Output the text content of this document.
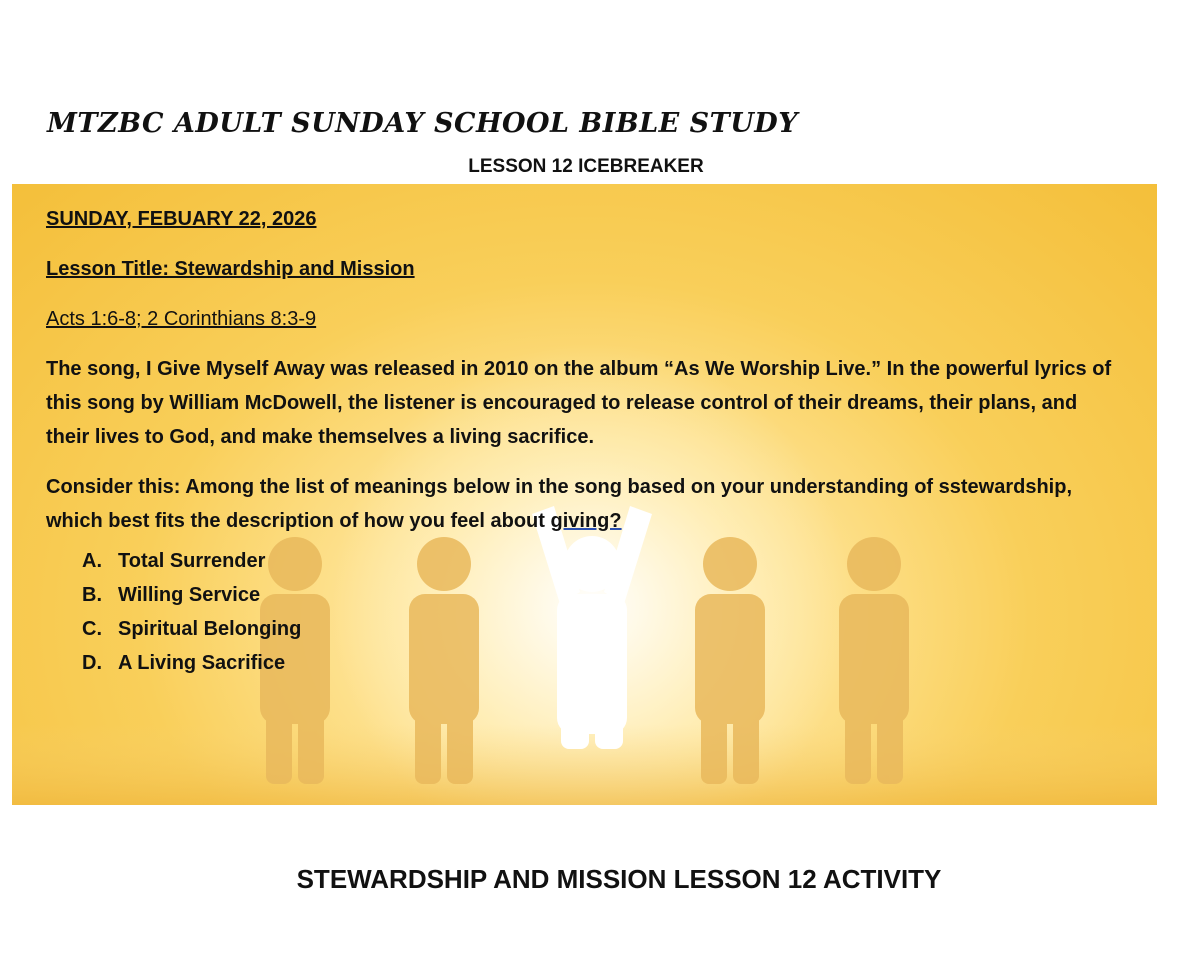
MTZBC ADULT SUNDAY SCHOOL BIBLE STUDY
LESSON 12 ICEBREAKER

SUNDAY, FEBUARY 22, 2026

Lesson Title: Stewardship and Mission

Acts 1:6-8; 2 Corinthians 8:3-9

The song, I Give Myself Away was released in 2010 on the album “As We Worship Live.” In the powerful lyrics of this song by William McDowell, the listener is encouraged to release control of their dreams, their plans, and their lives to God, and make themselves a living sacrifice.

Consider this: Among the list of meanings below in the song based on your understanding of sstewardship, which best fits the description of how you feel about giving?

A. Total Surrender
B. Willing Service
C. Spiritual Belonging
D. A Living Sacrifice
STEWARDSHIP AND MISSION LESSON 12 ACTIVITY
